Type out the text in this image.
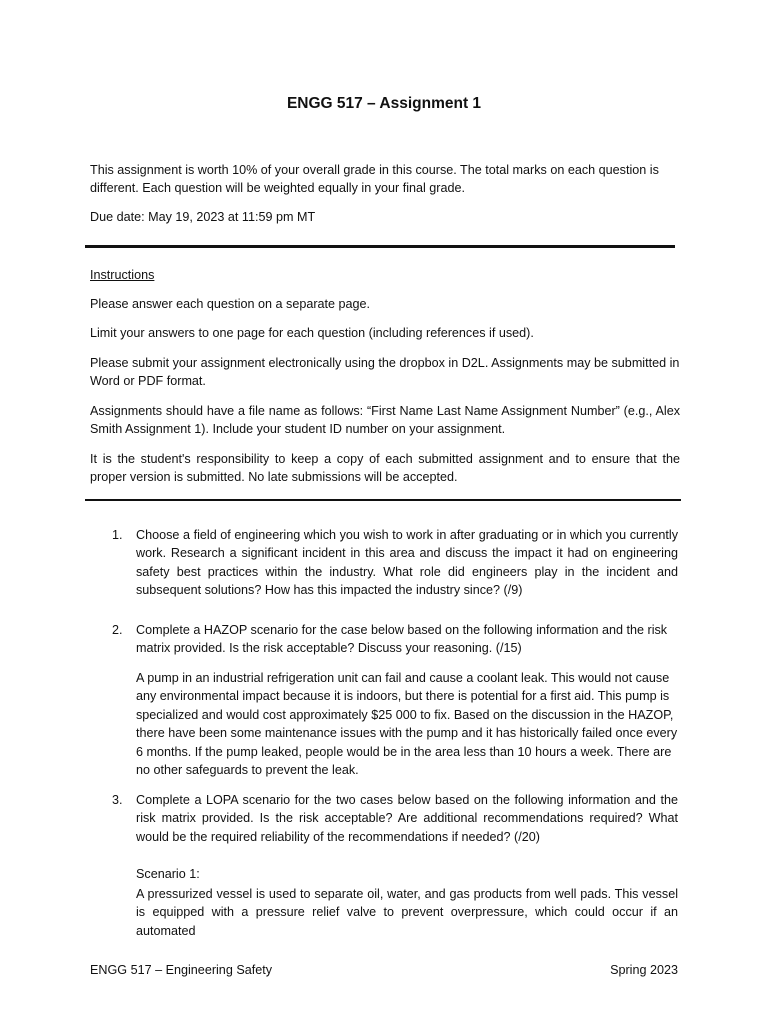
ENGG 517 – Assignment 1

This assignment is worth 10% of your overall grade in this course. The total marks on each question is different. Each question will be weighted equally in your final grade.

Due date: May 19, 2023 at 11:59 pm MT

Instructions

Please answer each question on a separate page.

Limit your answers to one page for each question (including references if used).

Please submit your assignment electronically using the dropbox in D2L. Assignments may be submitted in Word or PDF format.

Assignments should have a file name as follows: “First Name Last Name Assignment Number” (e.g., Alex Smith Assignment 1). Include your student ID number on your assignment.

It is the student's responsibility to keep a copy of each submitted assignment and to ensure that the proper version is submitted. No late submissions will be accepted.

1. Choose a field of engineering which you wish to work in after graduating or in which you currently work. Research a significant incident in this area and discuss the impact it had on engineering safety best practices within the industry. What role did engineers play in the incident and subsequent solutions? How has this impacted the industry since? (/9)

2. Complete a HAZOP scenario for the case below based on the following information and the risk matrix provided. Is the risk acceptable? Discuss your reasoning. (/15)

A pump in an industrial refrigeration unit can fail and cause a coolant leak. This would not cause any environmental impact because it is indoors, but there is potential for a first aid. This pump is specialized and would cost approximately $25 000 to fix. Based on the discussion in the HAZOP, there have been some maintenance issues with the pump and it has historically failed once every 6 months. If the pump leaked, people would be in the area less than 10 hours a week. There are no other safeguards to prevent the leak.

3. Complete a LOPA scenario for the two cases below based on the following information and the risk matrix provided. Is the risk acceptable? Are additional recommendations required? What would be the required reliability of the recommendations if needed? (/20)

Scenario 1:

A pressurized vessel is used to separate oil, water, and gas products from well pads. This vessel is equipped with a pressure relief valve to prevent overpressure, which could occur if an automated

ENGG 517 – Engineering Safety	Spring 2023
